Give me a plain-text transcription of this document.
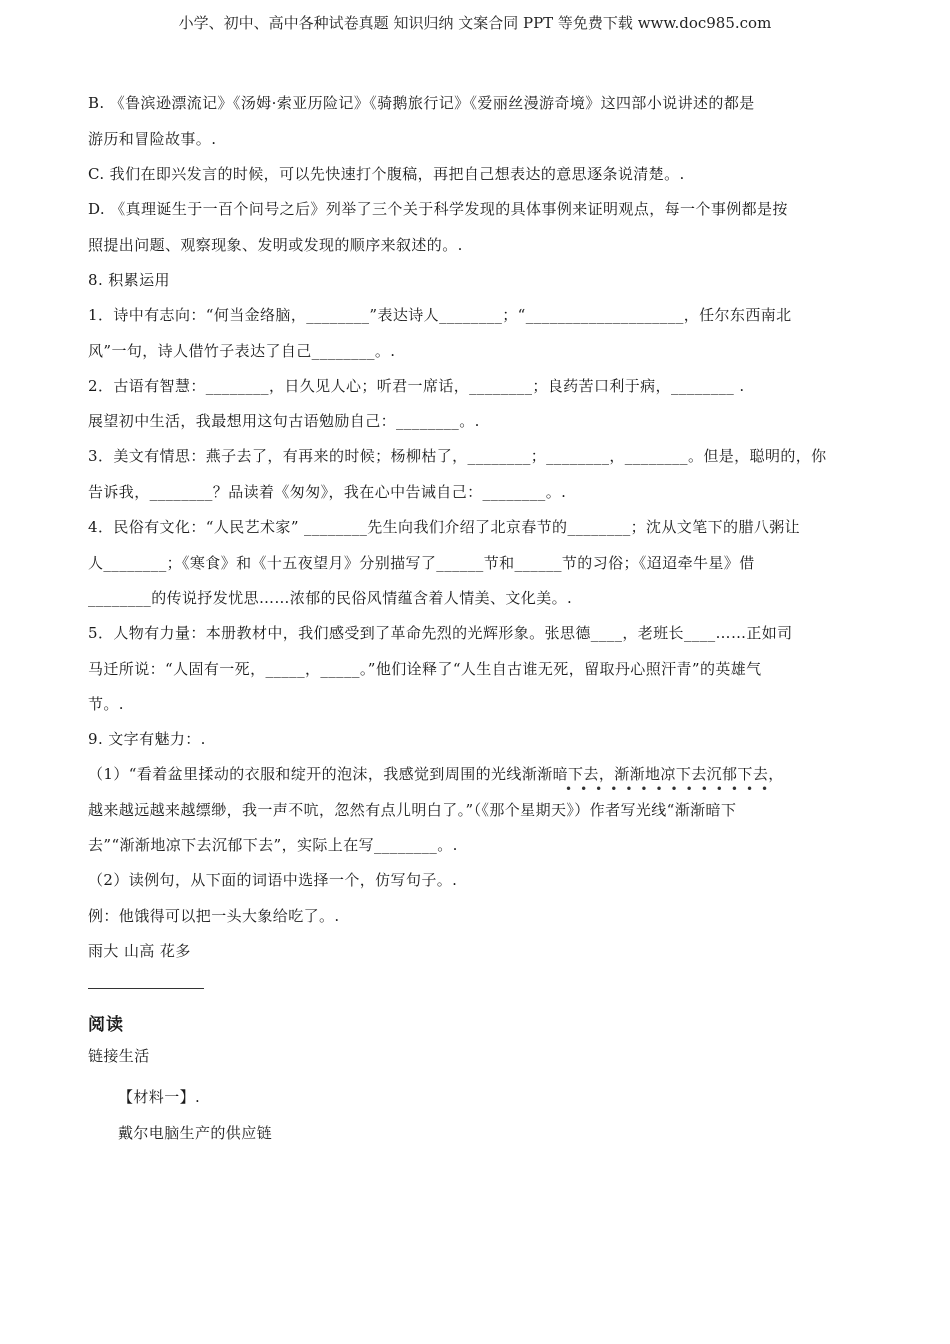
小学、初中、高中各种试卷真题 知识归纳 文案合同 PPT 等免费下载 www.doc985.com
B. 《鲁滨逊漂流记》《汤姆·索亚历险记》《骑鹅旅行记》《爱丽丝漫游奇境》这四部小说讲述的都是
游历和冒险故事。.
C. 我们在即兴发言的时候，可以先快速打个腹稿，再把自己想表达的意思逐条说清楚。.
D. 《真理诞生于一百个问号之后》列举了三个关于科学发现的具体事例来证明观点，每一个事例都是按
照提出问题、观察现象、发明或发现的顺序来叙述的。.
8. 积累运用
1．诗中有志向：“何当金络脑，________”表达诗人________；“____________________，任尔东西南北
风”一句，诗人借竹子表达了自己________。.
2．古语有智慧：________，日久见人心；听君一席话，________；良药苦口利于病，________ .
展望初中生活，我最想用这句古语勉励自己：________。.
3．美文有情思：燕子去了，有再来的时候；杨柳枯了，________；________，________。但是，聪明的，你
告诉我，________？品读着《匆匆》，我在心中告诫自己：________。.
4．民俗有文化：“人民艺术家” ________先生向我们介绍了北京春节的________；沈从文笔下的腊八粥让
人________；《寒食》和《十五夜望月》分别描写了______节和______节的习俗；《迢迢牵牛星》借
________的传说抒发忧思……浓郁的民俗风情蕴含着人情美、文化美。.
5．人物有力量：本册教材中，我们感受到了革命先烈的光辉形象。张思德____，老班长____……正如司
马迁所说：“人固有一死，_____，_____。”他们诠释了“人生自古谁无死，留取丹心照汗青”的英雄气
节。.
9. 文字有魅力：.
（1）“看着盆里揉动的衣服和绽开的泡沫，我感觉到周围的光线渐渐暗下去，渐渐地凉下去沉郁下去，
••••••••••••••
越来越远越来越缥缈，我一声不吭，忽然有点儿明白了。”（《那个星期天》）作者写光线“渐渐暗下
去”“渐渐地凉下去沉郁下去”，实际上在写________。.
（2）读例句，从下面的词语中选择一个，仿写句子。.
例：他饿得可以把一头大象给吃了。.
雨大 山高 花多
阅读
链接生活
【材料一】.
戴尔电脑生产的供应链
